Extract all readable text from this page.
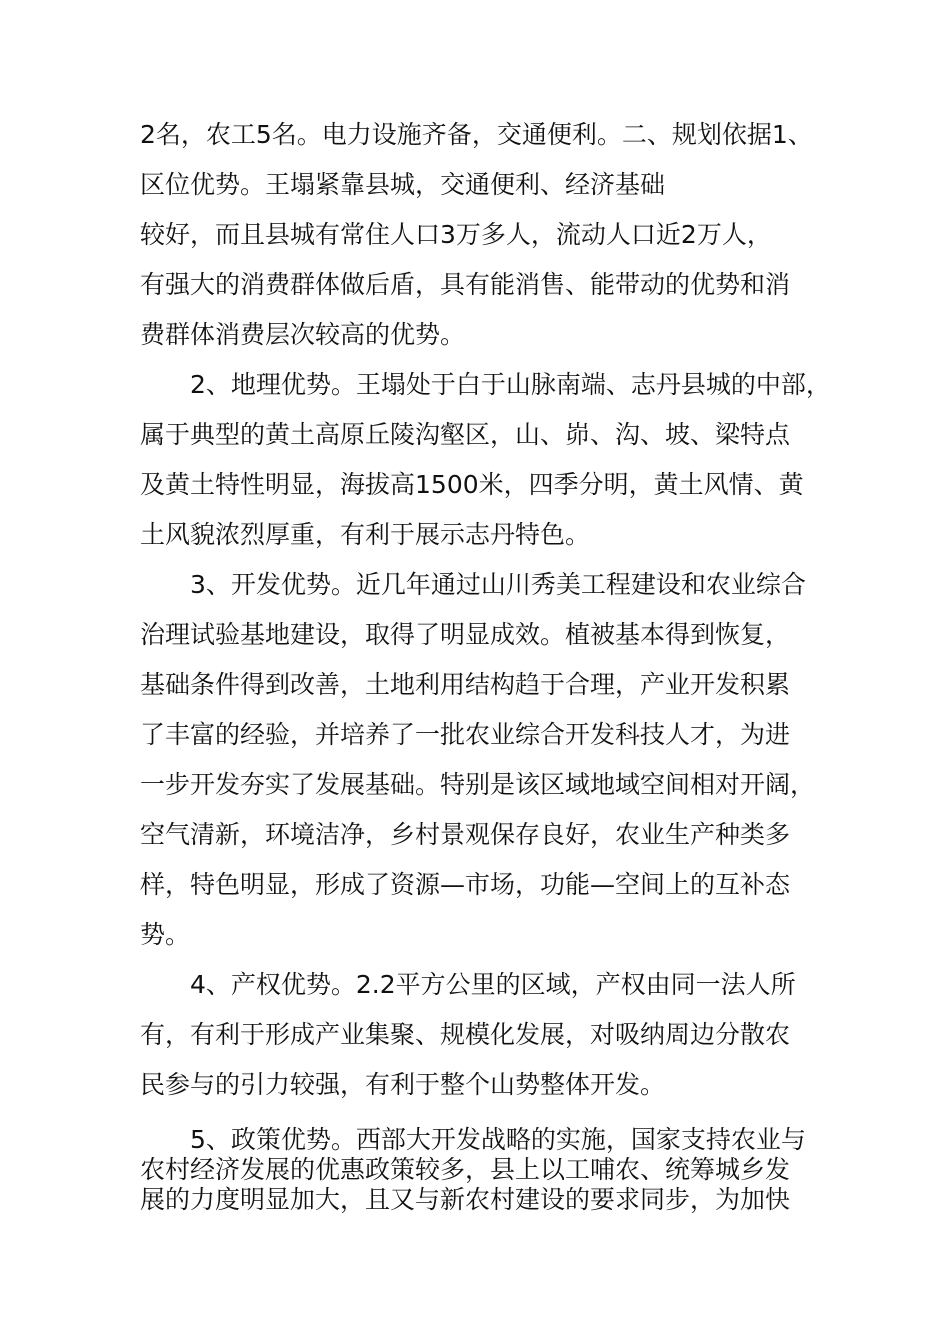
2名，农工5名。电力设施齐备，交通便利。二、规划依据1、
区位优势。王塌紧靠县城，交通便利、经济基础
较好，而且县城有常住人口3万多人，流动人口近2万人，
有强大的消费群体做后盾，具有能消售、能带动的优势和消
费群体消费层次较高的优势。
2、地理优势。王塌处于白于山脉南端、志丹县城的中部，
属于典型的黄土高原丘陵沟壑区，山、峁、沟、坡、梁特点
及黄土特性明显，海拔高1500米，四季分明，黄土风情、黄
土风貌浓烈厚重，有利于展示志丹特色。
3、开发优势。近几年通过山川秀美工程建设和农业综合
治理试验基地建设，取得了明显成效。植被基本得到恢复，
基础条件得到改善，土地利用结构趋于合理，产业开发积累
了丰富的经验，并培养了一批农业综合开发科技人才，为进
一步开发夯实了发展基础。特别是该区域地域空间相对开阔，
空气清新，环境洁净，乡村景观保存良好，农业生产种类多
样，特色明显，形成了资源—市场，功能—空间上的互补态
势。
4、产权优势。2.2平方公里的区域，产权由同一法人所
有，有利于形成产业集聚、规模化发展，对吸纳周边分散农
民参与的引力较强，有利于整个山势整体开发。
5、政策优势。西部大开发战略的实施，国家支持农业与
农村经济发展的优惠政策较多，县上以工哺农、统筹城乡发
展的力度明显加大，且又与新农村建设的要求同步，为加快
